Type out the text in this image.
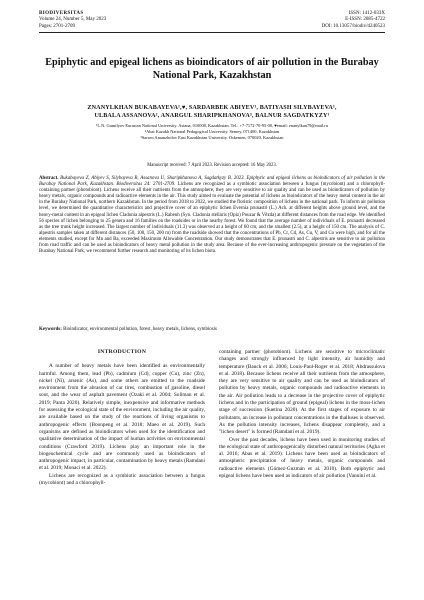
BIODIVERSITAS
Volume 24, Number 5, May 2023
Pages: 2701-2709
ISSN: 1412-033X
E-ISSN: 2085-4722
DOI: 10.13057/biodiv/d240523
Epiphytic and epigeal lichens as bioindicators of air pollution in the Burabay National Park, Kazakhstan
ZNANYLKHAN BUKABAYEVA¹,♥, SARDARBEK ABIYEV¹, BATIYASH SILYBAYEVA¹,
ULBALA ASSANOVA², ANARGUL SHARIPKHANOVA³, BALNUR SAGDATKYZY¹
¹L.N. Gumilyov Eurasian National University. Astana, 010008, Kazakhstan. Tel.: +7-7172-70-95-00, ♥email: znanylkan79@mail.ru
²Abai Kazakh National Pedagogical University. Semey, 071400, Kazakhstan
³Sarsen Amanzholov East Kazakhstan University. Oskemen, 070020, Kazakhstan
Manuscript received: 7 April 2023. Revision accepted: 16 May 2023.
Abstract. Bukabayeva Z, Abiyev S, Silybayeva B, Assanova U, Sharipkhanova A, Sagdatkyzy B. 2023. Epiphytic and epigeal lichens as bioindicators of air pollution in the Burabay National Park, Kazakhstan. Biodiversitas 24: 2701-2709. Lichens are recognized as a symbiotic association between a fungus (mycobiont) and a chlorophyll-containing partner (photobiont). Lichens receive all their nutrients from the atmosphere, they are very sensitive to air quality and can be used as bioindicators of pollution by heavy metals, organic compounds and radioactive elements in the air. This study aimed to evaluate the potential of lichens as bioindicators of the heavy metal content in the air in the Burabay National Park, northern Kazakhstan. In the period from 2018 to 2022, we studied the floristic composition of lichens in the national park. To inform air pollution level, we determined the quantitative characteristics and projective cover of an epiphytic lichen Evernia prunastri (L.) Ach. at different heights above ground level, and the heavy-metal content in an epigeal lichen Cladonia alpestris (L.) Rabenh (Syn. Cladonia stellaris (Opiz) Pouzar & Vězda) at different distances from the road edge. We identified 56 species of lichen belonging to 25 genera and 16 families on the roadsides or in the nearby forest. We found that the average number of individuals of E. prunastri decreased as the tree trunk height increased. The largest number of individuals (11.3) was observed at a height of 60 cm, and the smallest (2.5), at a height of 150 cm. The analysis of C. alpestris samples taken at different distances (50, 100, 150, 200 m) from the roadside showed that the concentrations of Pb, Cr, Cd, As, Cu, V, and Co were high, and for all the elements studied, except for Mn and Ba, exceeded Maximum Allowable Concentration. Our study demonstrates that E. prunastri and C. alpestris are sensitive to air pollution from road traffic and can be used as bioindicators of heavy metal pollution in the study area. Because of the ever-increasing anthropogenic pressure on the vegetation of the Burabay National Park, we recommend further research and monitoring of its lichen biota.
Keywords: Bioindicator, environmental pollution, forest, heavy metals, lichens, symbiosis
INTRODUCTION

A number of heavy metals have been identified as environmentally harmful. Among them, lead (Pb), cadmium (Cd), copper (Cu), zinc (Zn), nickel (Ni), arsenic (As), and some others are emitted to the roadside environment from the abrasion of car tires, combustion of gasoline, diesel soot, and the wear of asphalt pavement (Ozaki et al. 2004; Soliman et al. 2019; Panta 2020). Relatively simple, inexpensive and informative methods for assessing the ecological state of the environment, including the air quality, are available based on the study of the reactions of living organisms to anthropogenic effects (Boonpeng et al. 2018; Maeo et al. 2019). Such organisms are defined as bioindicators when used for the identification and qualitative determination of the impact of human activities on environmental conditions (Crawford 2019). Lichens play an important role in the biogeochemical cycle and are commonly used as bioindicators of anthropogenic impact, in particular, contamination by heavy metals (Ramdani et al. 2019; Monaci et al. 2022).

Lichens are recognized as a symbiotic association between a fungus (mycobiont) and a chlorophyll-

containing partner (photobiont). Lichens are sensitive to microclimatic changes and strongly influenced by light intensity, air humidity and temperature (Bauck et al. 2006; Louis-Paul-Roger et al. 2018; Abdrassulova et al. 2018). Because lichens receive all their nutrients from the atmosphere, they are very sensitive to air quality and can be used as bioindicators of pollution by heavy metals, organic compounds and radioactive elements in the air. Air pollution leads to a decrease in the projective cover of epiphytic lichens and in the participation of ground (epigeal) lichens in the moss-lichen stage of succession (Suetina 2020). At the first stages of exposure to air pollutants, an increase in pollutant concentrations in the thalluses is observed. As the pollution intensity increases, lichens disappear completely, and a "lichen desert" is formed (Ramdani et al. 2019).

Over the past decades, lichens have been used in monitoring studies of the ecological state of anthropogenically disturbed natural territories (Agha et al. 2016; Abas et al. 2019). Lichens have been used as bioindicators of atmospheric precipitation of heavy metals, organic compounds and radioactive elements (Gómez-Guzmán et al. 2010). Both epiphytic and epigeal lichens have been used as indicators of air pollution (Vannini et al.
